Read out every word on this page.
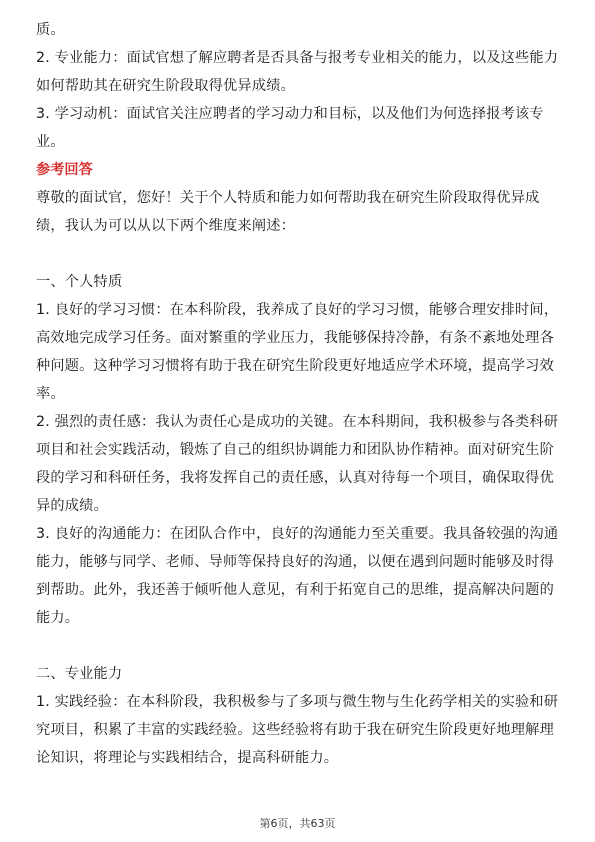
质。

2. 专业能力：面试官想了解应聘者是否具备与报考专业相关的能力，以及这些能力如何帮助其在研究生阶段取得优异成绩。

3. 学习动机：面试官关注应聘者的学习动力和目标，以及他们为何选择报考该专业。

参考回答

尊敬的面试官，您好！关于个人特质和能力如何帮助我在研究生阶段取得优异成绩，我认为可以从以下两个维度来阐述：

一、个人特质

1. 良好的学习习惯：在本科阶段，我养成了良好的学习习惯，能够合理安排时间，高效地完成学习任务。面对繁重的学业压力，我能够保持冷静，有条不紊地处理各种问题。这种学习习惯将有助于我在研究生阶段更好地适应学术环境，提高学习效率。

2. 强烈的责任感：我认为责任心是成功的关键。在本科期间，我积极参与各类科研项目和社会实践活动，锻炼了自己的组织协调能力和团队协作精神。面对研究生阶段的学习和科研任务，我将发挥自己的责任感，认真对待每一个项目，确保取得优异的成绩。

3. 良好的沟通能力：在团队合作中，良好的沟通能力至关重要。我具备较强的沟通能力，能够与同学、老师、导师等保持良好的沟通，以便在遇到问题时能够及时得到帮助。此外，我还善于倾听他人意见，有利于拓宽自己的思维，提高解决问题的能力。

二、专业能力

1. 实践经验：在本科阶段，我积极参与了多项与微生物与生化药学相关的实验和研究项目，积累了丰富的实践经验。这些经验将有助于我在研究生阶段更好地理解理论知识，将理论与实践相结合，提高科研能力。

第6页，共63页
